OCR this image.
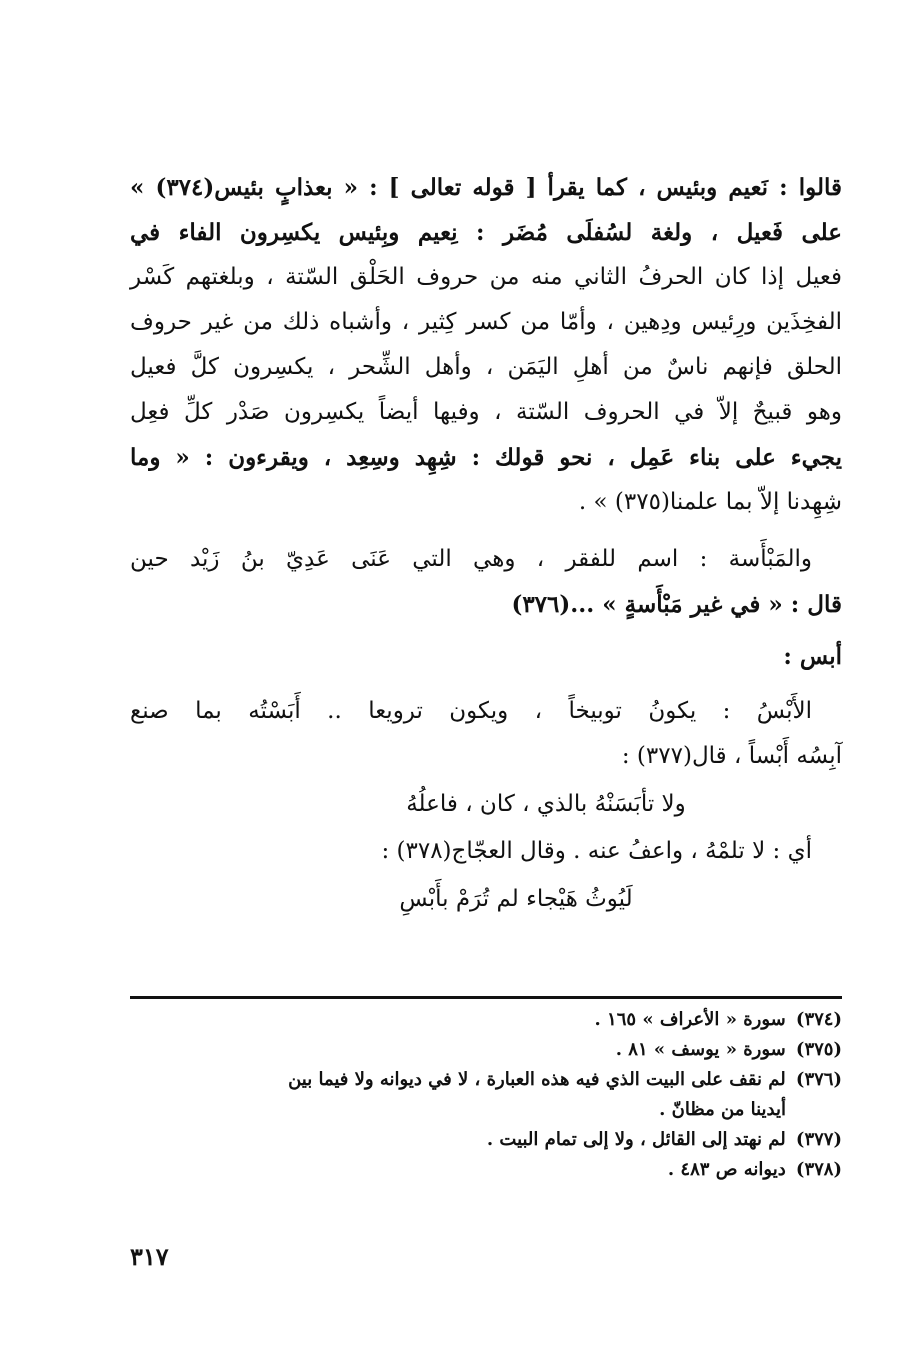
قالوا : نَعيم وبئيس ، كما يقرأ [ قوله تعالى ] : « بعذابٍ بئيس(٣٧٤) »
على فَعيل ، ولغة لسُفلَى مُضَر : نِعيم وبِئيس يكسِرون الفاء في
فعيل إذا كان الحرفُ الثاني منه من حروف الحَلْق السّتة ، وبلغتهم كَسْر
الفخِذَين ورِئيس ودِهين ، وأمّا من كسر كِثير ، وأشباه ذلك من غير حروف
الحلق فإنهم ناسٌ من أهلِ اليَمَن ، وأهل الشِّحر ، يكسِرون كلَّ فعيل
وهو قبيحٌ إلاّ في الحروف السّتة ، وفيها أيضاً يكسِرون صَدْر كلِّ فعِل
يجيء على بناء عَمِل ، نحو قولك : شِهِد وسِعِد ، ويقرءون : « وما
شِهِدنا إلاّ بما علمنا(٣٧٥) » .
والمَبْأَسة : اسم للفقر ، وهي التي عَنَى عَدِيّ بنُ زَيْد حين
قال : « في غير مَبْأَسةٍ » ...(٣٧٦)
أبس :
الأَبْسُ : يكونُ توبيخاً ، ويكون ترويعا .. أَبَسْتُه بما صنع
آبِسُه أَبْساً ، قال(٣٧٧) :
ولا تأبَسَنْهُ بالذي ، كان ، فاعلُهُ
أي : لا تلمْهُ ، واعفُ عنه . وقال العجّاج(٣٧٨) :
لَيُوثُ هَيْجاء لم تُرَمْ بأَبْسِ
(٣٧٤) سورة « الأعراف » ١٦٥ .
(٣٧٥) سورة « يوسف » ٨١ .
(٣٧٦) لم نقف على البيت الذي فيه هذه العبارة ، لا في ديوانه ولا فيما بين
أيدينا من مظانّ .
(٣٧٧) لم نهتد إلى القائل ، ولا إلى تمام البيت .
(٣٧٨) ديوانه ص ٤٨٣ .
٣١٧
